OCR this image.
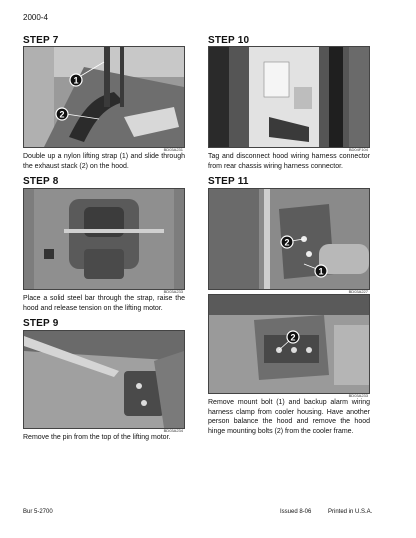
2000-4
STEP 7
1
2
BD03A231
Double up a nylon lifting strap (1) and slide through the exhaust stack (2) on the hood.
STEP 8
BD03A233
Place a solid steel bar through the strap, raise the hood and release tension on the lifting motor.
STEP 9
BD03A234
Remove the pin from the top of the lifting motor.
STEP 10
BD04F104
Tag and disconnect hood wiring harness connector from rear chassis wiring harness connector.
STEP 11
2
1
BD03A227
2
BD03A233
Remove mount bolt (1) and backup alarm wiring harness clamp from cooler housing. Have another person balance the hood and remove the hood hinge mounting bolts (2) from the cooler frame.
Bur 5-2700	Issued 8-06	Printed in U.S.A.
